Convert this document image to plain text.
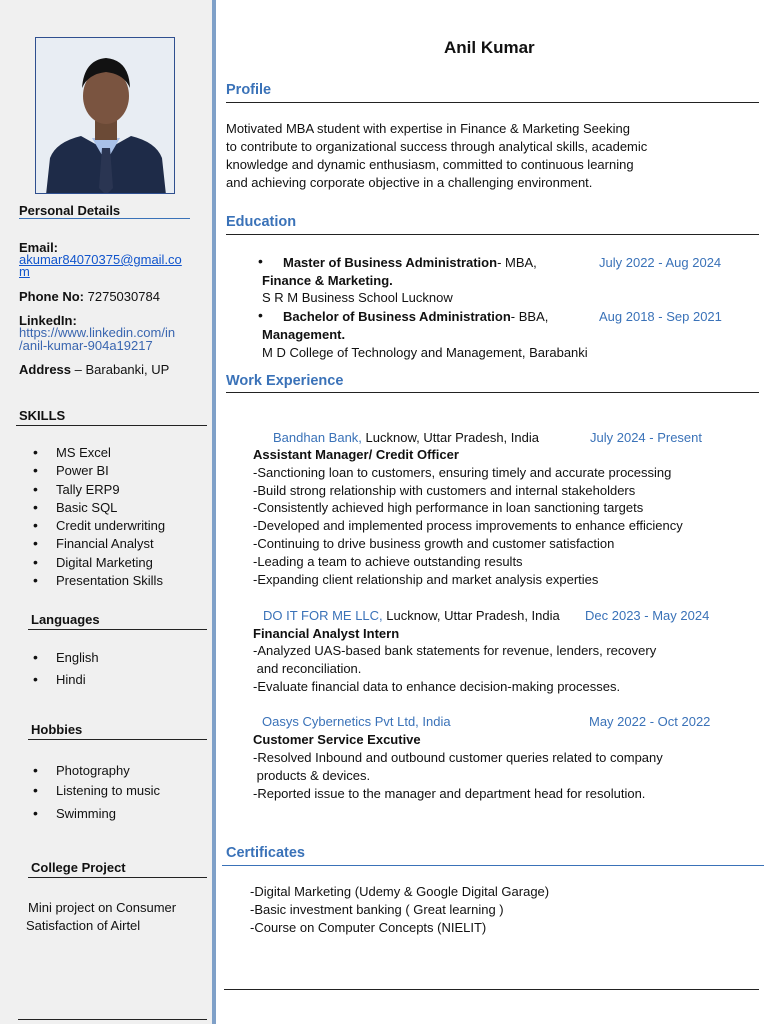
Personal Details
Email:
akumar84070375@gmail.co
m
Phone No: 7275030784
LinkedIn:
https://www.linkedin.com/in
/anil-kumar-904a19217
Address – Barabanki, UP
SKILLS
• MS Excel
• Power BI
• Tally ERP9
• Basic SQL
• Credit underwriting
• Financial Analyst
• Digital Marketing
• Presentation Skills
Languages
• English
• Hindi
Hobbies
• Photography
• Listening to music
• Swimming
College Project
Mini project on Consumer
Satisfaction of Airtel
Anil Kumar
Profile
Motivated MBA student with expertise in Finance & Marketing Seeking
to contribute to organizational success through analytical skills, academic
knowledge and dynamic enthusiasm, committed to continuous learning
and achieving corporate objective in a challenging environment.
Education
• Master of Business Administration- MBA,	July 2022 - Aug 2024
Finance & Marketing.
S R M Business School Lucknow
• Bachelor of Business Administration- BBA,	Aug 2018 - Sep 2021
Management.
M D College of Technology and Management, Barabanki
Work Experience
Bandhan Bank, Lucknow, Uttar Pradesh, India	July 2024 - Present
Assistant Manager/ Credit Officer
-Sanctioning loan to customers, ensuring timely and accurate processing
-Build strong relationship with customers and internal stakeholders
-Consistently achieved high performance in loan sanctioning targets
-Developed and implemented process improvements to enhance efficiency
-Continuing to drive business growth and customer satisfaction
-Leading a team to achieve outstanding results
-Expanding client relationship and market analysis experties
DO IT FOR ME LLC, Lucknow, Uttar Pradesh, India Dec 2023 - May 2024
Financial Analyst Intern
-Analyzed UAS-based bank statements for revenue, lenders, recovery
and reconciliation.
-Evaluate financial data to enhance decision-making processes.
Oasys Cybernetics Pvt Ltd, India	May 2022 - Oct 2022
Customer Service Excutive
-Resolved Inbound and outbound customer queries related to company
products & devices.
-Reported issue to the manager and department head for resolution.
Certificates
-Digital Marketing (Udemy & Google Digital Garage)
-Basic investment banking ( Great learning )
-Course on Computer Concepts (NIELIT)
